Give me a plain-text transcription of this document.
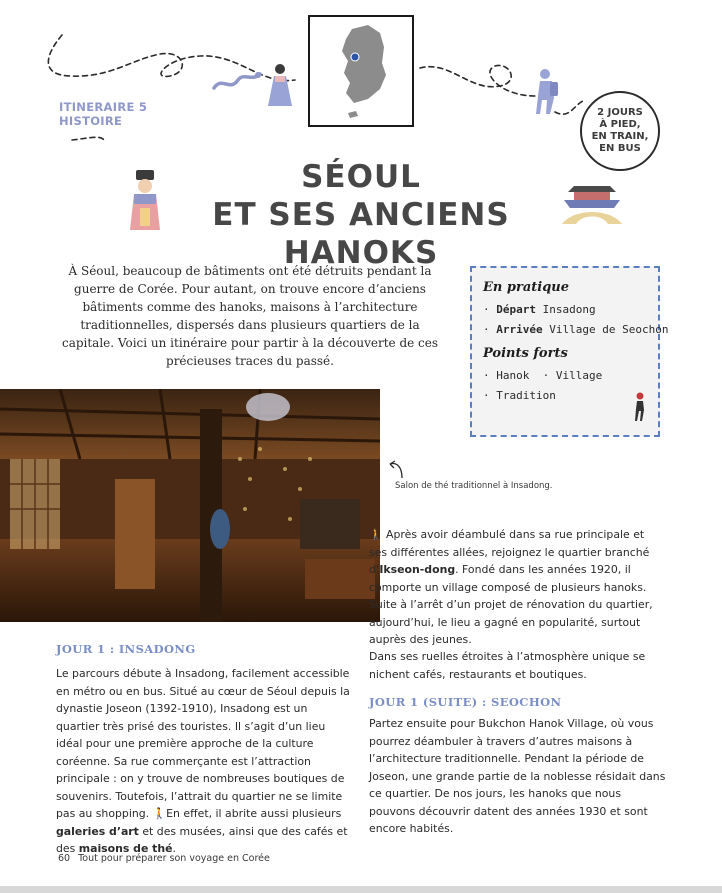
ITINERAIRE 5
HISTOIRE
2 JOURS
À PIED,
EN TRAIN,
EN BUS
SÉOUL
ET SES ANCIENS HANOKS
À Séoul, beaucoup de bâtiments ont été détruits pendant la guerre de Corée. Pour autant, on trouve encore d’anciens bâtiments comme des hanoks, maisons à l’architecture traditionnelles, dispersés dans plusieurs quartiers de la capitale. Voici un itinéraire pour partir à la découverte de ces précieuses traces du passé.
En pratique
· Départ Insadong
· Arrivée Village de Seochon
Points forts
· Hanok  · Village
· Tradition
Salon de thé traditionnel à Insadong.
🚶 Après avoir déambulé dans sa rue principale et ses différentes allées, rejoignez le quartier branché d’Ikseon-dong. Fondé dans les années 1920, il comporte un village composé de plusieurs hanoks. Suite à l’arrêt d’un projet de rénovation du quartier, aujourd’hui, le lieu a gagné en popularité, surtout auprès des jeunes.
Dans ses ruelles étroites à l’atmosphère unique se nichent cafés, restaurants et boutiques.
JOUR 1 : INSADONG
Le parcours débute à Insadong, facilement accessible en métro ou en bus. Situé au cœur de Séoul depuis la dynastie Joseon (1392-1910), Insadong est un quartier très prisé des touristes. Il s’agit d’un lieu idéal pour une première approche de la culture coréenne. Sa rue commerçante est l’attraction principale : on y trouve de nombreuses boutiques de souvenirs. Toutefois, l’attrait du quartier ne se limite pas au shopping. 🚶En effet, il abrite aussi plusieurs galeries d’art et des musées, ainsi que des cafés et des maisons de thé.
JOUR 1 (SUITE) : SEOCHON
Partez ensuite pour Bukchon Hanok Village, où vous pourrez déambuler à travers d’autres maisons à l’architecture traditionnelle. Pendant la période de Joseon, une grande partie de la noblesse résidait dans ce quartier. De nos jours, les hanoks que nous pouvons découvrir datent des années 1930 et sont encore habités.
60 Tout pour préparer son voyage en Corée
